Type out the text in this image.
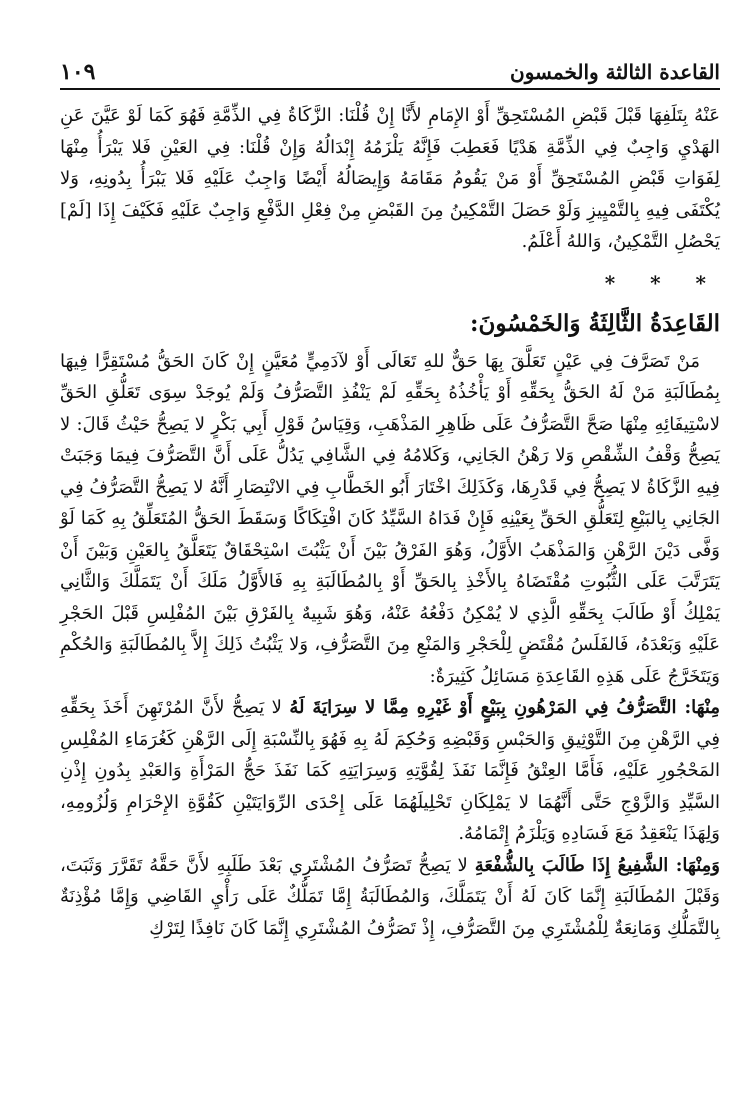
القاعدة الثالثة والخمسون
١٠٩

عَنْهُ بِتَلَفِهَا قَبْلَ قَبْضِ المُسْتَحِقِّ أَوْ الإِمَامِ لأَنَّا إِنْ قُلْنَا: الزَّكَاةُ فِي الذِّمَّةِ فَهُوَ كَمَا لَوْ عَيَّنَ عَنِ الهَدْيِ وَاجِبٌ فِي الذِّمَّةِ هَدْيًا فَعَطِبَ فَإِنَّهُ يَلْزَمُهُ إِبْدَالُهُ وَإِنْ قُلْنَا: فِي العَيْنِ فَلا يَبْرَأُ مِنْهَا لِفَوَاتِ قَبْضِ المُسْتَحِقِّ أَوْ مَنْ يَقُومُ مَقَامَهُ وَإِيصَالُهُ أَيْضًا وَاجِبٌ عَلَيْهِ فَلا يَبْرَأُ بِدُونِهِ، وَلا يُكْتَفَى فِيهِ بِالتَّمْيِيزِ وَلَوْ حَصَلَ التَّمْكِينُ مِنَ القَبْضِ مِنْ فِعْلِ الدَّفْعِ وَاجِبٌ عَلَيْهِ فَكَيْفَ إِذَا [لَمْ] يَحْصُلِ التَّمْكِينُ، وَاللهُ أَعْلَمُ.

* * *
القَاعِدَةُ الثَّالِثَةُ وَالخَمْسُونَ:

مَنْ تَصَرَّفَ فِي عَيْنٍ تَعَلَّقَ بِهَا حَقٌّ للهِ تَعَالَى أَوْ لآدَمِيٍّ مُعَيَّنٍ إِنْ كَانَ الحَقُّ مُسْتَقِرًّا فِيهَا بِمُطَالَبَةِ مَنْ لَهُ الحَقُّ بِحَقِّهِ أَوْ يَأْخُذُهُ بِحَقِّهِ لَمْ يَنْفُذِ التَّصَرُّفُ وَلَمْ يُوجَدْ سِوَى تَعَلُّقِ الحَقِّ لاسْتِيفَائِهِ مِنْهَا صَحَّ التَّصَرُّفُ عَلَى ظَاهِرِ المَذْهَبِ، وَقِيَاسُ قَوْلِ أَبِي بَكْرٍ لا يَصِحُّ حَيْثُ قَالَ: لا يَصِحُّ وَقْفُ الشِّقْصِ وَلا رَهْنُ الجَانِي، وَكَلامُهُ فِي الشَّافِي يَدُلُّ عَلَى أَنَّ التَّصَرُّفَ فِيمَا وَجَبَتْ فِيهِ الزَّكَاةُ لا يَصِحُّ فِي قَدْرِهَا، وَكَذَلِكَ اخْتَارَ أَبُو الخَطَّابِ فِي الانْتِصَارِ أَنَّهُ لا يَصِحُّ التَّصَرُّفُ فِي الجَانِي بِالبَيْعِ لِتَعَلُّقِ الحَقِّ بِعَيْنِهِ فَإِنْ فَدَاهُ السَّيِّدُ كَانَ افْتِكَاكًا وَسَقَطَ الحَقُّ المُتَعَلِّقُ بِهِ كَمَا لَوْ وَفَّى دَيْنَ الرَّهْنِ وَالمَذْهَبُ الأَوَّلُ، وَهُوَ الفَرْقُ بَيْنَ أَنْ يَثْبُتَ اسْتِحْقَاقٌ يَتَعَلَّقُ بِالعَيْنِ وَبَيْنَ أَنْ يَتَرَتَّبَ عَلَى الثُّبُوتِ مُقْتَضَاهُ بِالأَخْذِ بِالحَقِّ أَوْ بِالمُطَالَبَةِ بِهِ فَالأَوَّلُ مَلَكَ أَنْ يَتَمَلَّكَ وَالثَّانِي يَمْلِكُ أَوْ طَالَبَ بِحَقِّهِ الَّذِي لا يُمْكِنُ دَفْعُهُ عَنْهُ، وَهُوَ شَبِيهٌ بِالفَرْقِ بَيْنَ المُفْلِسِ قَبْلَ الحَجْرِ عَلَيْهِ وَبَعْدَهُ، فَالفَلَسُ مُقْتَضٍ لِلْحَجْرِ وَالمَنْعِ مِنَ التَّصَرُّفِ، وَلا يَثْبُتُ ذَلِكَ إِلاَّ بِالمُطَالَبَةِ وَالحُكْمِ وَيَتَخَرَّجُ عَلَى هَذِهِ القَاعِدَةِ مَسَائِلُ كَثِيرَةٌ:

مِنْهَا: التَّصَرُّفُ فِي المَرْهُونِ بِبَيْعٍ أَوْ غَيْرِهِ مِمَّا لا سِرَايَةَ لَهُ لا يَصِحُّ لأَنَّ المُرْتَهِنَ أَخَذَ بِحَقِّهِ فِي الرَّهْنِ مِنَ التَّوْثِيقِ وَالحَبْسِ وَقَبْضِهِ وَحُكِمَ لَهُ بِهِ فَهُوَ بِالنِّسْبَةِ إِلَى الرَّهْنِ كَغُرَمَاءِ المُفْلِسِ المَحْجُورِ عَلَيْهِ، فَأَمَّا العِتْقُ فَإِنَّمَا نَفَذَ لِقُوَّتِهِ وَسِرَايَتِهِ كَمَا نَفَذَ حَجُّ المَرْأَةِ وَالعَبْدِ بِدُونِ إِذْنِ السَّيِّدِ وَالزَّوْجِ حَتَّى أَنَّهُمَا لا يَمْلِكَانِ تَحْلِيلَهُمَا عَلَى إِحْدَى الرِّوَايَتَيْنِ كَقُوَّةِ الإِحْرَامِ وَلُزُومِهِ، وَلِهَذَا يَنْعَقِدُ مَعَ فَسَادِهِ وَيَلْزَمُ إِتْمَامُهُ.

وَمِنْهَا: الشَّفِيعُ إِذَا طَالَبَ بِالشُّفْعَةِ لا يَصِحُّ تَصَرُّفُ المُشْتَرِي بَعْدَ طَلَبِهِ لأَنَّ حَقَّهُ تَقَرَّرَ وَثَبَتَ، وَقَبْلَ المُطَالَبَةِ إِنَّمَا كَانَ لَهُ أَنْ يَتَمَلَّكَ، وَالمُطَالَبَةُ إِمَّا تَمَلُّكٌ عَلَى رَأْيِ القَاضِي وَإِمَّا مُؤْذِنَةٌ بِالتَّمَلُّكِ وَمَانِعَةٌ لِلْمُشْتَرِي مِنَ التَّصَرُّفِ، إِذْ تَصَرُّفُ المُشْتَرِي إِنَّمَا كَانَ نَافِذًا لِتَرْكِ
